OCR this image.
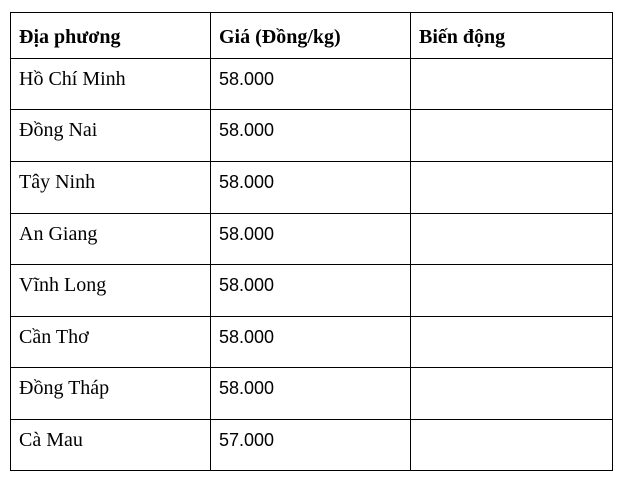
Địa phương	Giá (Đồng/kg)	Biến động
Hồ Chí Minh	58.000	
Đồng Nai	58.000	
Tây Ninh	58.000	
An Giang	58.000	
Vĩnh Long	58.000	
Cần Thơ	58.000	
Đồng Tháp	58.000	
Cà Mau	57.000	
